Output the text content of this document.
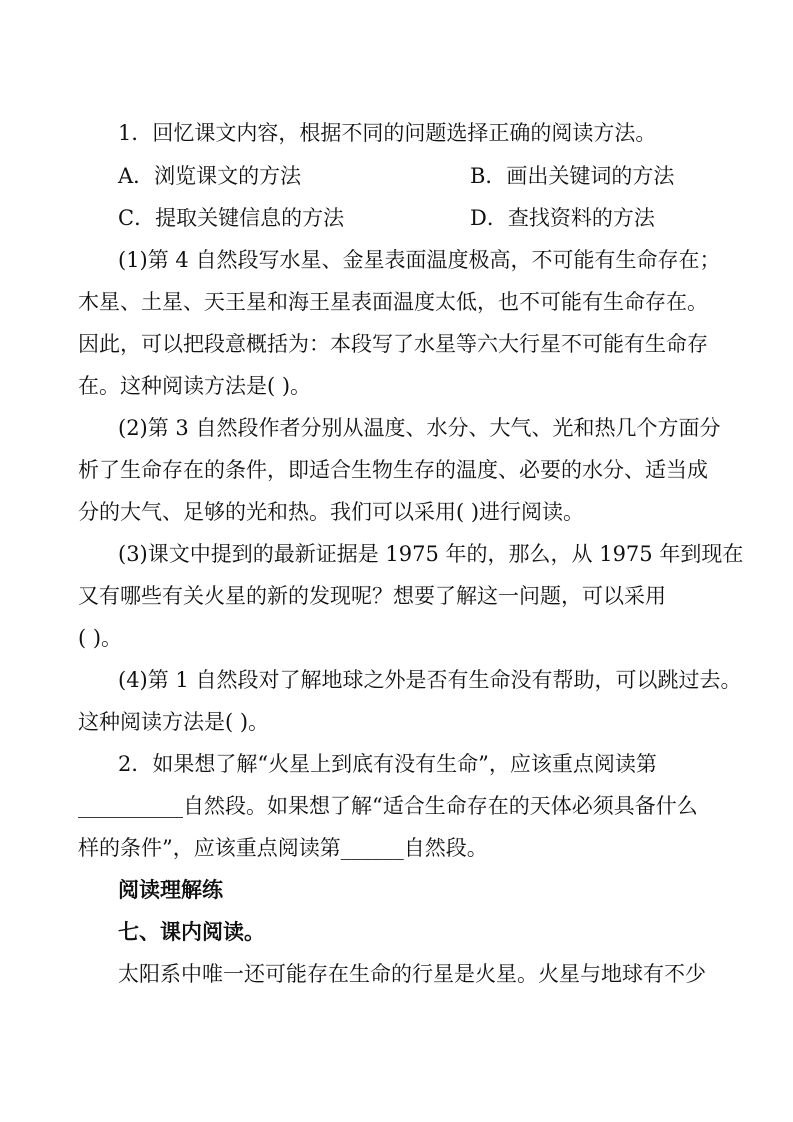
1．回忆课文内容，根据不同的问题选择正确的阅读方法。
A．浏览课文的方法	B．画出关键词的方法
C．提取关键信息的方法	D．查找资料的方法
(1)第 4 自然段写水星、金星表面温度极高，不可能有生命存在；
木星、土星、天王星和海王星表面温度太低，也不可能有生命存在。
因此，可以把段意概括为：本段写了水星等六大行星不可能有生命存
在。这种阅读方法是( )。
(2)第 3 自然段作者分别从温度、水分、大气、光和热几个方面分
析了生命存在的条件，即适合生物生存的温度、必要的水分、适当成
分的大气、足够的光和热。我们可以采用( )进行阅读。
(3)课文中提到的最新证据是 1975 年的，那么，从 1975 年到现在
又有哪些有关火星的新的发现呢？想要了解这一问题，可以采用
( )。
(4)第 1 自然段对了解地球之外是否有生命没有帮助，可以跳过去。
这种阅读方法是( )。
2．如果想了解“火星上到底有没有生命”，应该重点阅读第
__________自然段。如果想了解“适合生命存在的天体必须具备什么
样的条件”，应该重点阅读第______自然段。
阅读理解练
七、课内阅读。
太阳系中唯一还可能存在生命的行星是火星。火星与地球有不少
